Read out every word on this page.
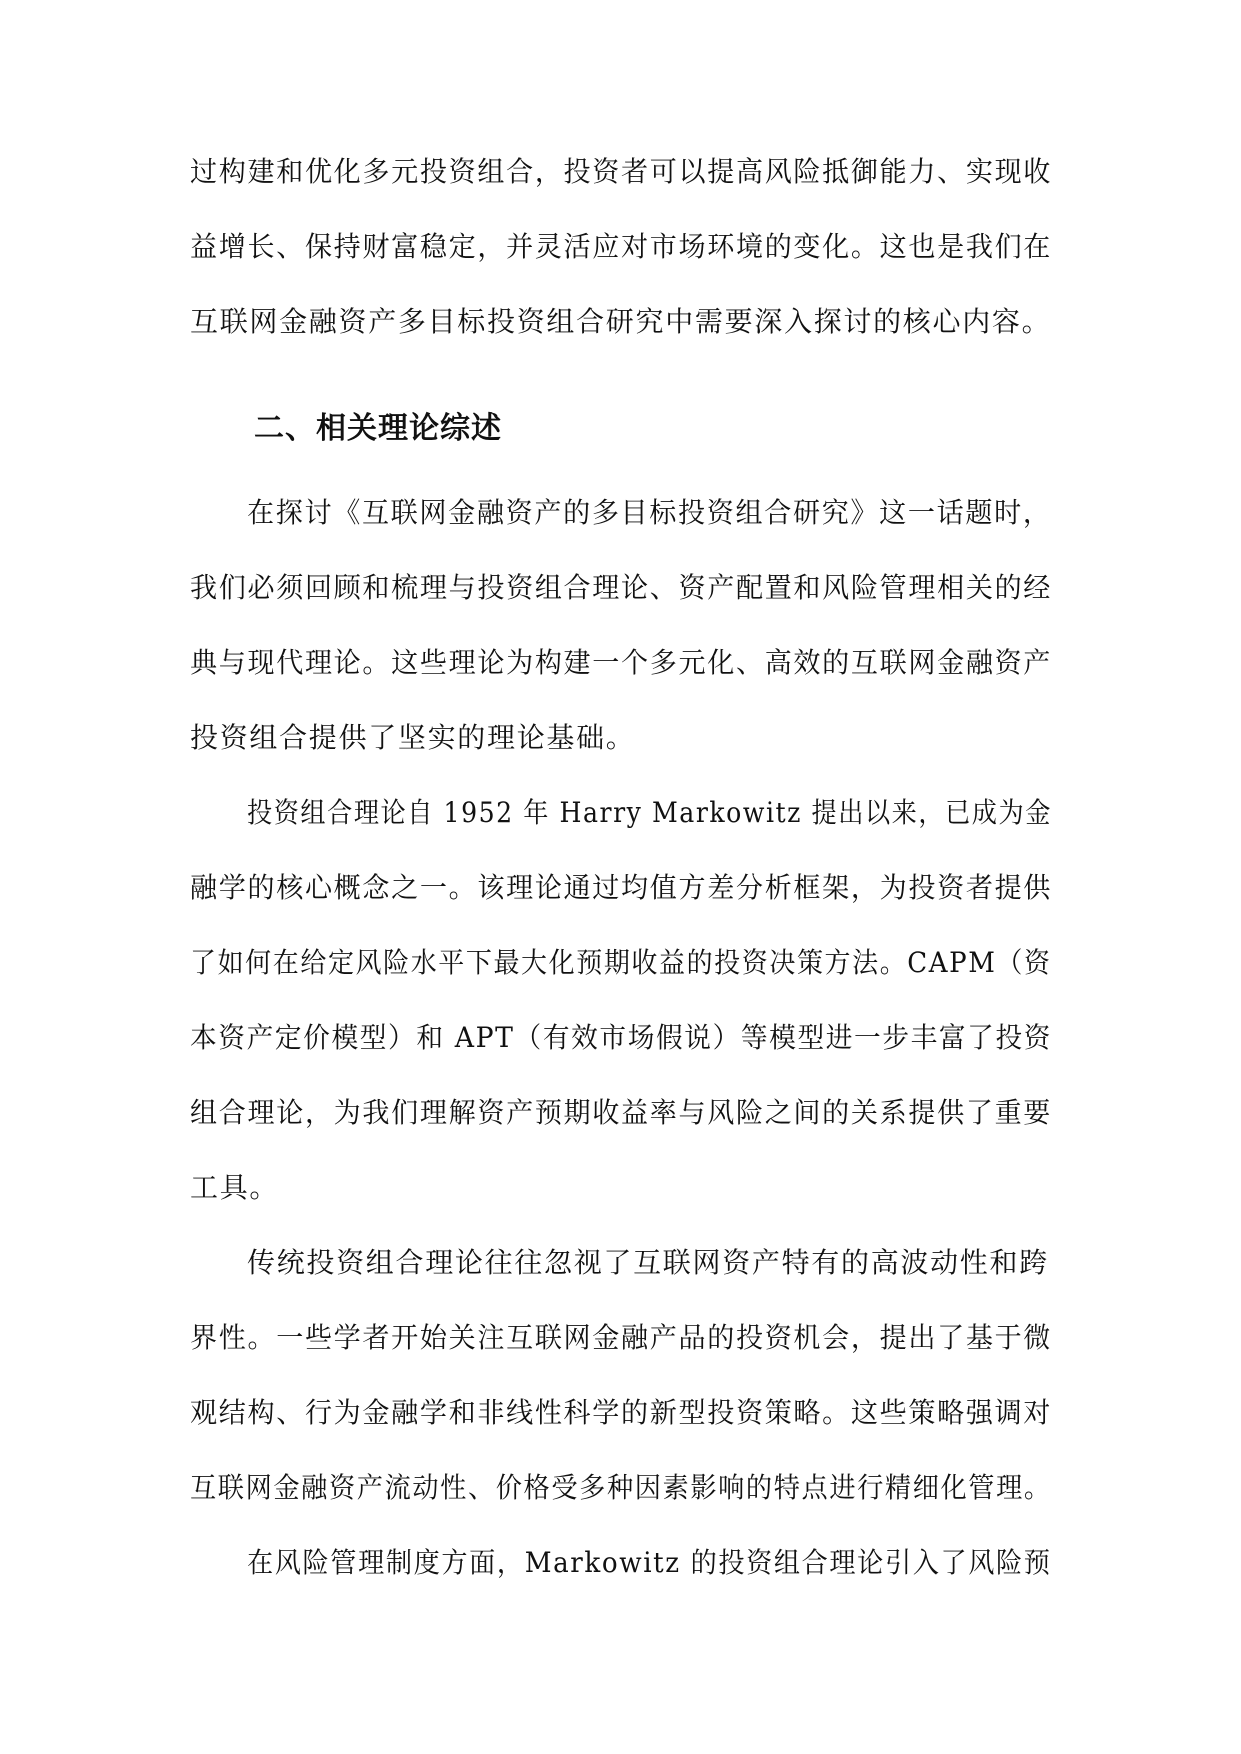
过构建和优化多元投资组合，投资者可以提高风险抵御能力、实现收
益增长、保持财富稳定，并灵活应对市场环境的变化。这也是我们在
互联网金融资产多目标投资组合研究中需要深入探讨的核心内容。
二、相关理论综述
在探讨《互联网金融资产的多目标投资组合研究》这一话题时，
我们必须回顾和梳理与投资组合理论、资产配置和风险管理相关的经
典与现代理论。这些理论为构建一个多元化、高效的互联网金融资产
投资组合提供了坚实的理论基础。
投资组合理论自 1952 年 Harry Markowitz 提出以来，已成为金
融学的核心概念之一。该理论通过均值方差分析框架，为投资者提供
了如何在给定风险水平下最大化预期收益的投资决策方法。CAPM（资
本资产定价模型）和 APT（有效市场假说）等模型进一步丰富了投资
组合理论，为我们理解资产预期收益率与风险之间的关系提供了重要
工具。
传统投资组合理论往往忽视了互联网资产特有的高波动性和跨
界性。一些学者开始关注互联网金融产品的投资机会，提出了基于微
观结构、行为金融学和非线性科学的新型投资策略。这些策略强调对
互联网金融资产流动性、价格受多种因素影响的特点进行精细化管理。
在风险管理制度方面，Markowitz 的投资组合理论引入了风险预
